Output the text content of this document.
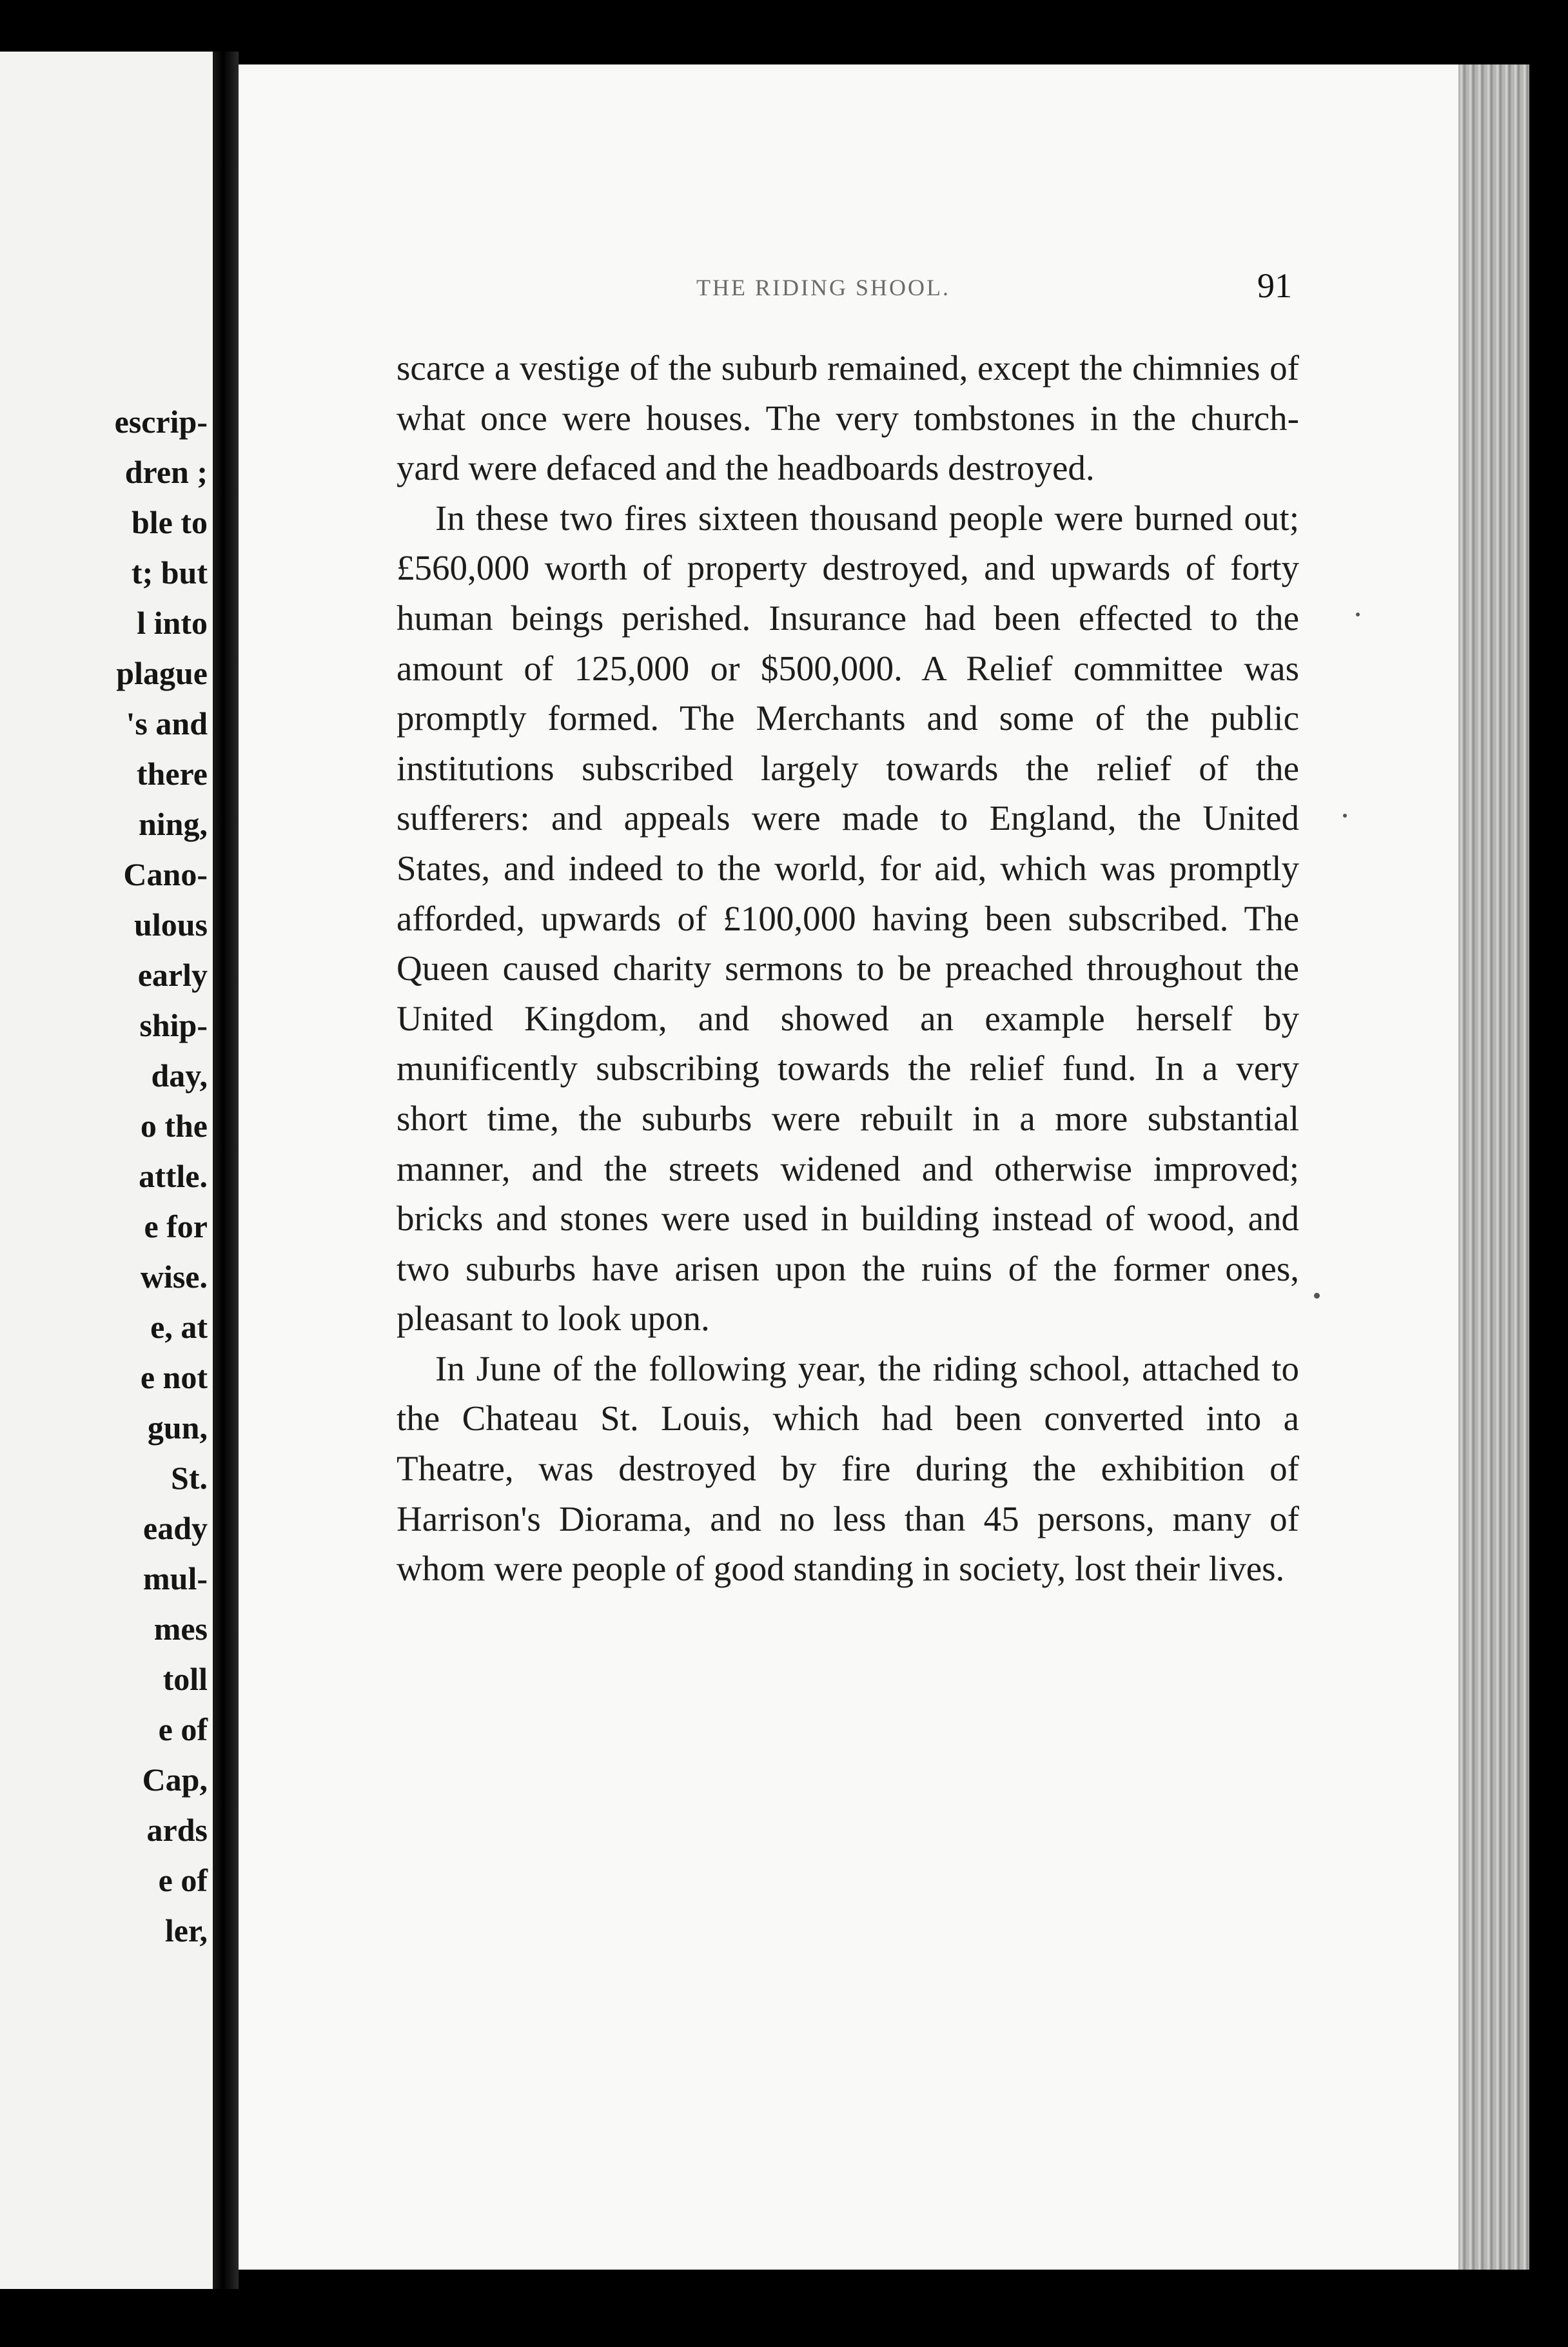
escrip-
dren ;
ble to
t; but
l into
plague
's and
there
ning,
Cano-
ulous
early
ship-
day,
o the
attle.
e for
wise.
e, at
e not
gun,
St.
eady
mul-
mes
toll
e of
Cap,
ards
e of
ler,
THE RIDING SHOOL.	91

scarce a vestige of the suburb remained, except the chimnies of what once were houses. The very tombstones in the church-yard were defaced and the headboards destroyed.

In these two fires sixteen thousand people were burned out; £560,000 worth of property destroyed, and upwards of forty human beings perished. Insurance had been effected to the amount of 125,000 or $500,000. A Relief committee was promptly formed. The Merchants and some of the public institutions subscribed largely towards the relief of the sufferers: and appeals were made to England, the United States, and indeed to the world, for aid, which was promptly afforded, upwards of £100,000 having been subscribed. The Queen caused charity sermons to be preached throughout the United Kingdom, and showed an example herself by munificently subscribing towards the relief fund. In a very short time, the suburbs were rebuilt in a more substantial manner, and the streets widened and otherwise improved; bricks and stones were used in building instead of wood, and two suburbs have arisen upon the ruins of the former ones, pleasant to look upon.

In June of the following year, the riding school, attached to the Chateau St. Louis, which had been converted into a Theatre, was destroyed by fire during the exhibition of Harrison's Diorama, and no less than 45 persons, many of whom were people of good standing in society, lost their lives.
